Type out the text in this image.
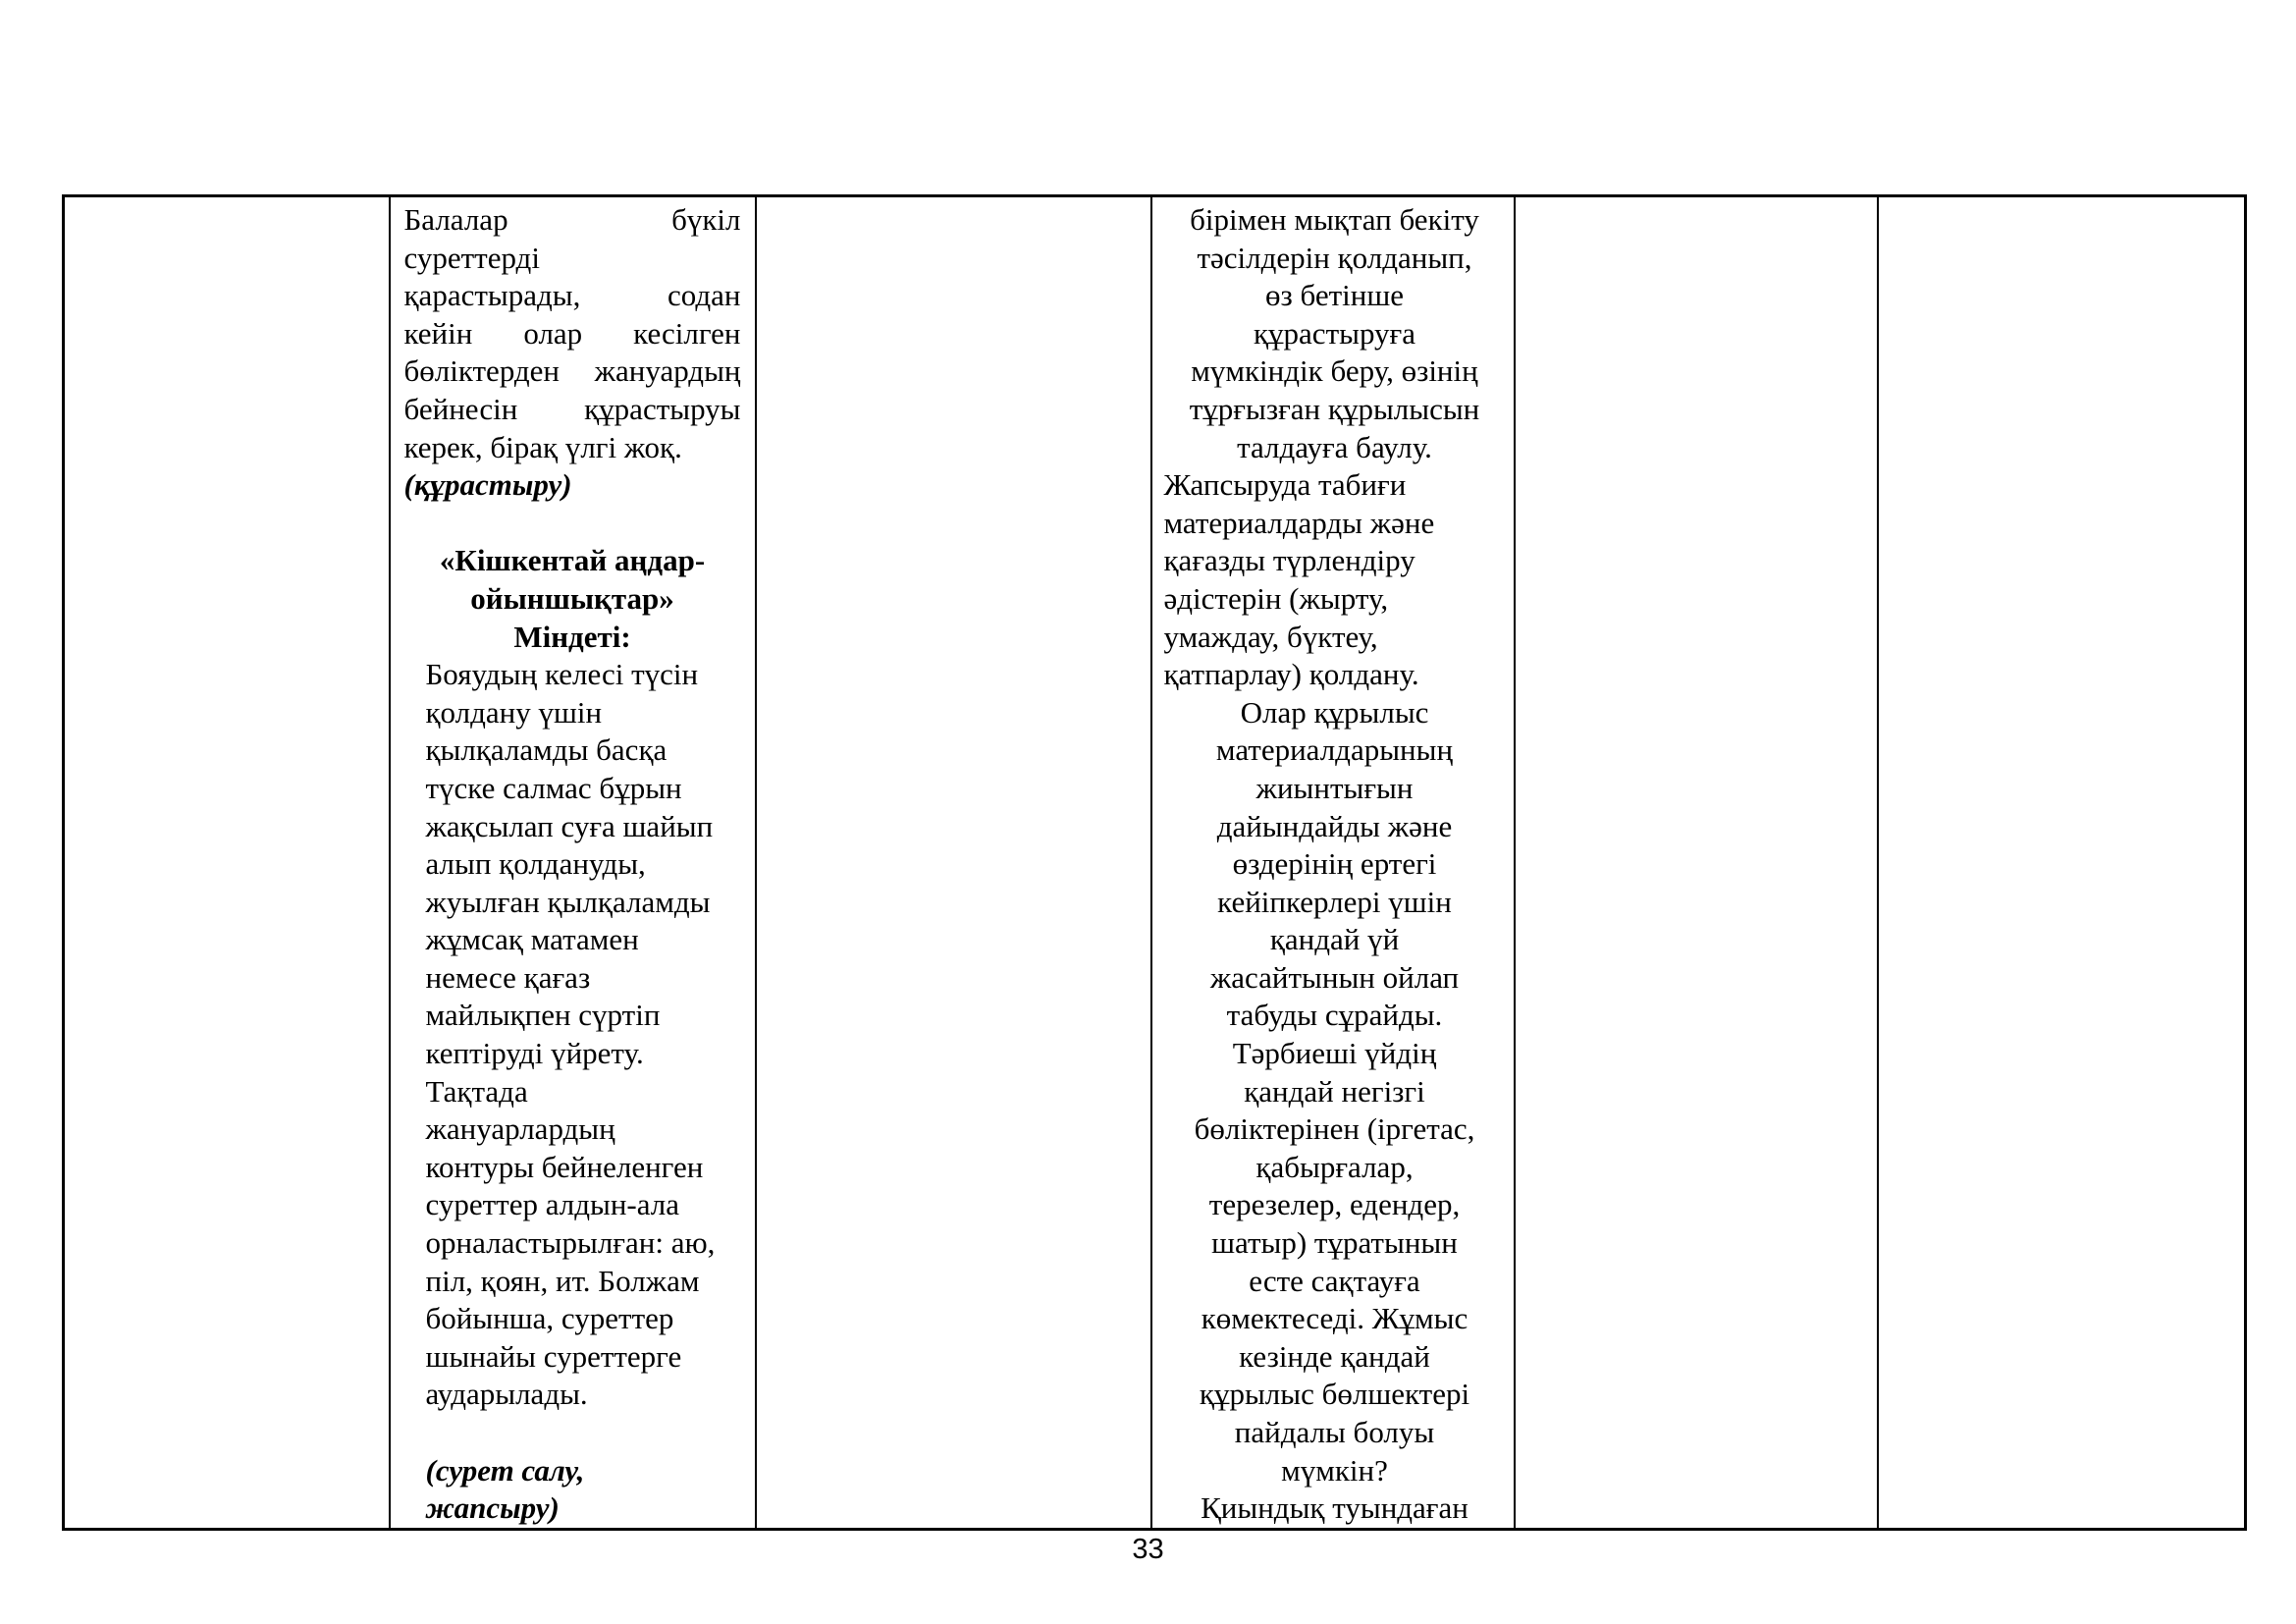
Балалар бүкіл
суреттерді
қарастырады, содан
кейін олар кесілген
бөліктерден жануардың
бейнесін құрастыруы
керек, бірақ үлгі жоқ.
(құрастыру)
«Кішкентай аңдар-
ойыншықтар»
Міндеті:
Бояудың келесі түсін
қолдану үшін
қылқаламды басқа
түске салмас бұрын
жақсылап суға шайып
алып қолдануды,
жуылған қылқаламды
жұмсақ матамен
немесе қағаз
майлықпен сүртіп
кептіруді үйрету.
Тақтада
жануарлардың
контуры бейнеленген
суреттер алдын-ала
орналастырылған: аю,
піл, қоян, ит. Болжам
бойынша, суреттер
шынайы суреттерге
аударылады.
(сурет салу,
жапсыру)

бірімен мықтап бекіту
тәсілдерін қолданып,
өз бетінше
құрастыруға
мүмкіндік беру, өзінің
тұрғызған құрылысын
талдауға баулу.
Жапсыруда табиғи
материалдарды және
қағазды түрлендіру
әдістерін (жырту,
умаждау, бүктеу,
қатпарлау) қолдану.
Олар құрылыс
материалдарының
жиынтығын
дайындайды және
өздерінің ертегі
кейіпкерлері үшін
қандай үй
жасайтынын ойлап
табуды сұрайды.
Тәрбиеші үйдің
қандай негізгі
бөліктерінен (іргетас,
қабырғалар,
терезелер, едендер,
шатыр) тұратынын
есте сақтауға
көмектеседі. Жұмыс
кезінде қандай
құрылыс бөлшектері
пайдалы болуы
мүмкін?
Қиындық туындаған

33
